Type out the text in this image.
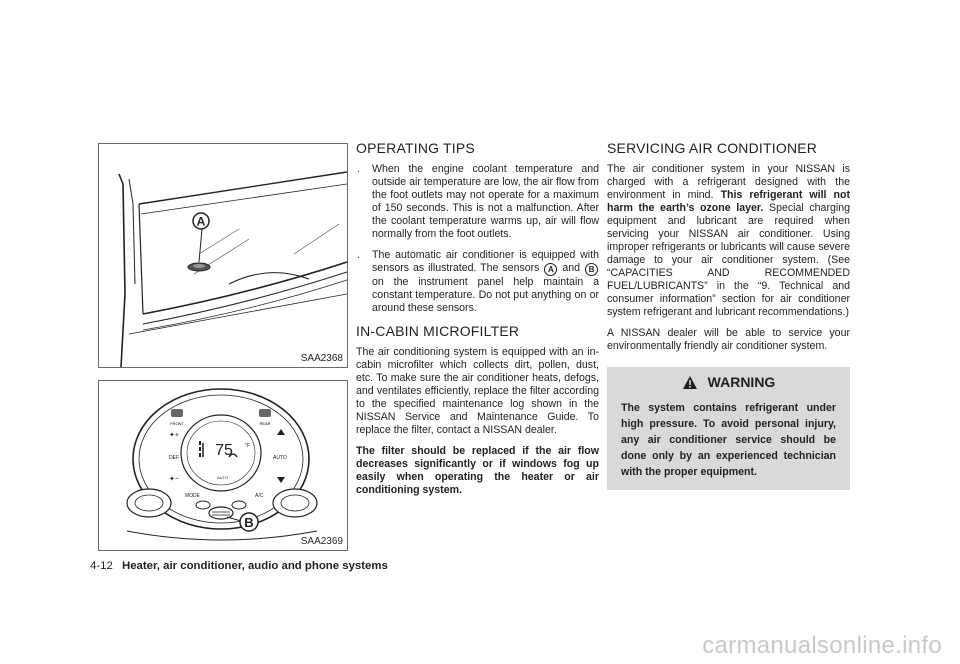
A
SAA2368
75 °F
AUTO
FRONT	REAR
✦+
DEF
✦−
AUTO
MODE	A/C
B
SAA2369
OPERATING TIPS
. When the engine coolant temperature and outside air temperature are low, the air flow from the foot outlets may not operate for a maximum of 150 seconds. This is not a malfunction. After the coolant temperature warms up, air will flow normally from the foot outlets.
. The automatic air conditioner is equipped with sensors as illustrated. The sensors A and B on the instrument panel help maintain a constant temperature. Do not put anything on or around these sensors.
IN-CABIN MICROFILTER

The air conditioning system is equipped with an in-cabin microfilter which collects dirt, pollen, dust, etc. To make sure the air conditioner heats, defogs, and ventilates efficiently, replace the filter according to the specified maintenance log shown in the NISSAN Service and Maintenance Guide. To replace the filter, contact a NISSAN dealer.

The filter should be replaced if the air flow decreases significantly or if windows fog up easily when operating the heater or air conditioning system.

SERVICING AIR CONDITIONER

The air conditioner system in your NISSAN is charged with a refrigerant designed with the environment in mind. This refrigerant will not harm the earth’s ozone layer. Special charging equipment and lubricant are required when servicing your NISSAN air conditioner. Using improper refrigerants or lubricants will cause severe damage to your air conditioner system. (See “CAPACITIES AND RECOMMENDED FUEL/LUBRICANTS” in the “9. Technical and consumer information” section for air conditioner system refrigerant and lubricant recommendations.)

A NISSAN dealer will be able to service your environmentally friendly air conditioner system.

WARNING

The system contains refrigerant under high pressure. To avoid personal injury, any air conditioner service should be done only by an experienced technician with the proper equipment.

4-12 Heater, air conditioner, audio and phone systems
carmanualsonline.info
